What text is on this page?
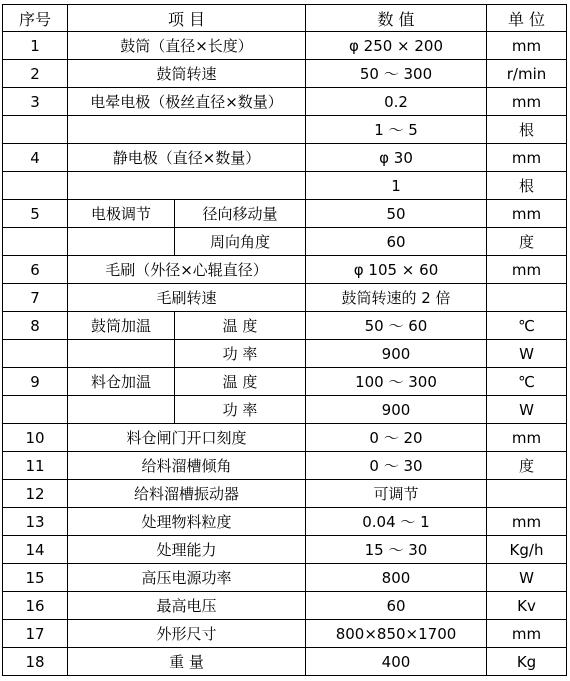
序号	项 目		数 值	单 位
1	鼓筒（直径×长度）		φ 250 × 200	mm
2	鼓筒转速		50 ～ 300	r/min
3	电晕电极（极丝直径×数量）		0.2	mm
			1 ～ 5	根
4	静电极（直径×数量）		φ 30	mm
			1	根
5	电极调节	径向移动量	50	mm
		周向角度	60	度
6	毛刷（外径×心辊直径）		φ 105 × 60	mm
7	毛刷转速		鼓筒转速的 2 倍	
8	鼓筒加温	温 度	50 ～ 60	℃
		功 率	900	W
9	料仓加温	温 度	100 ～ 300	℃
		功 率	900	W
10	料仓闸门开口刻度		0 ～ 20	mm
11	给料溜槽倾角		0 ～ 30	度
12	给料溜槽振动器		可调节	
13	处理物料粒度		0.04 ～ 1	mm
14	处理能力		15 ～ 30	Kg/h
15	高压电源功率		800	W
16	最高电压		60	Kv
17	外形尺寸		800×850×1700	mm
18	重 量		400	Kg
